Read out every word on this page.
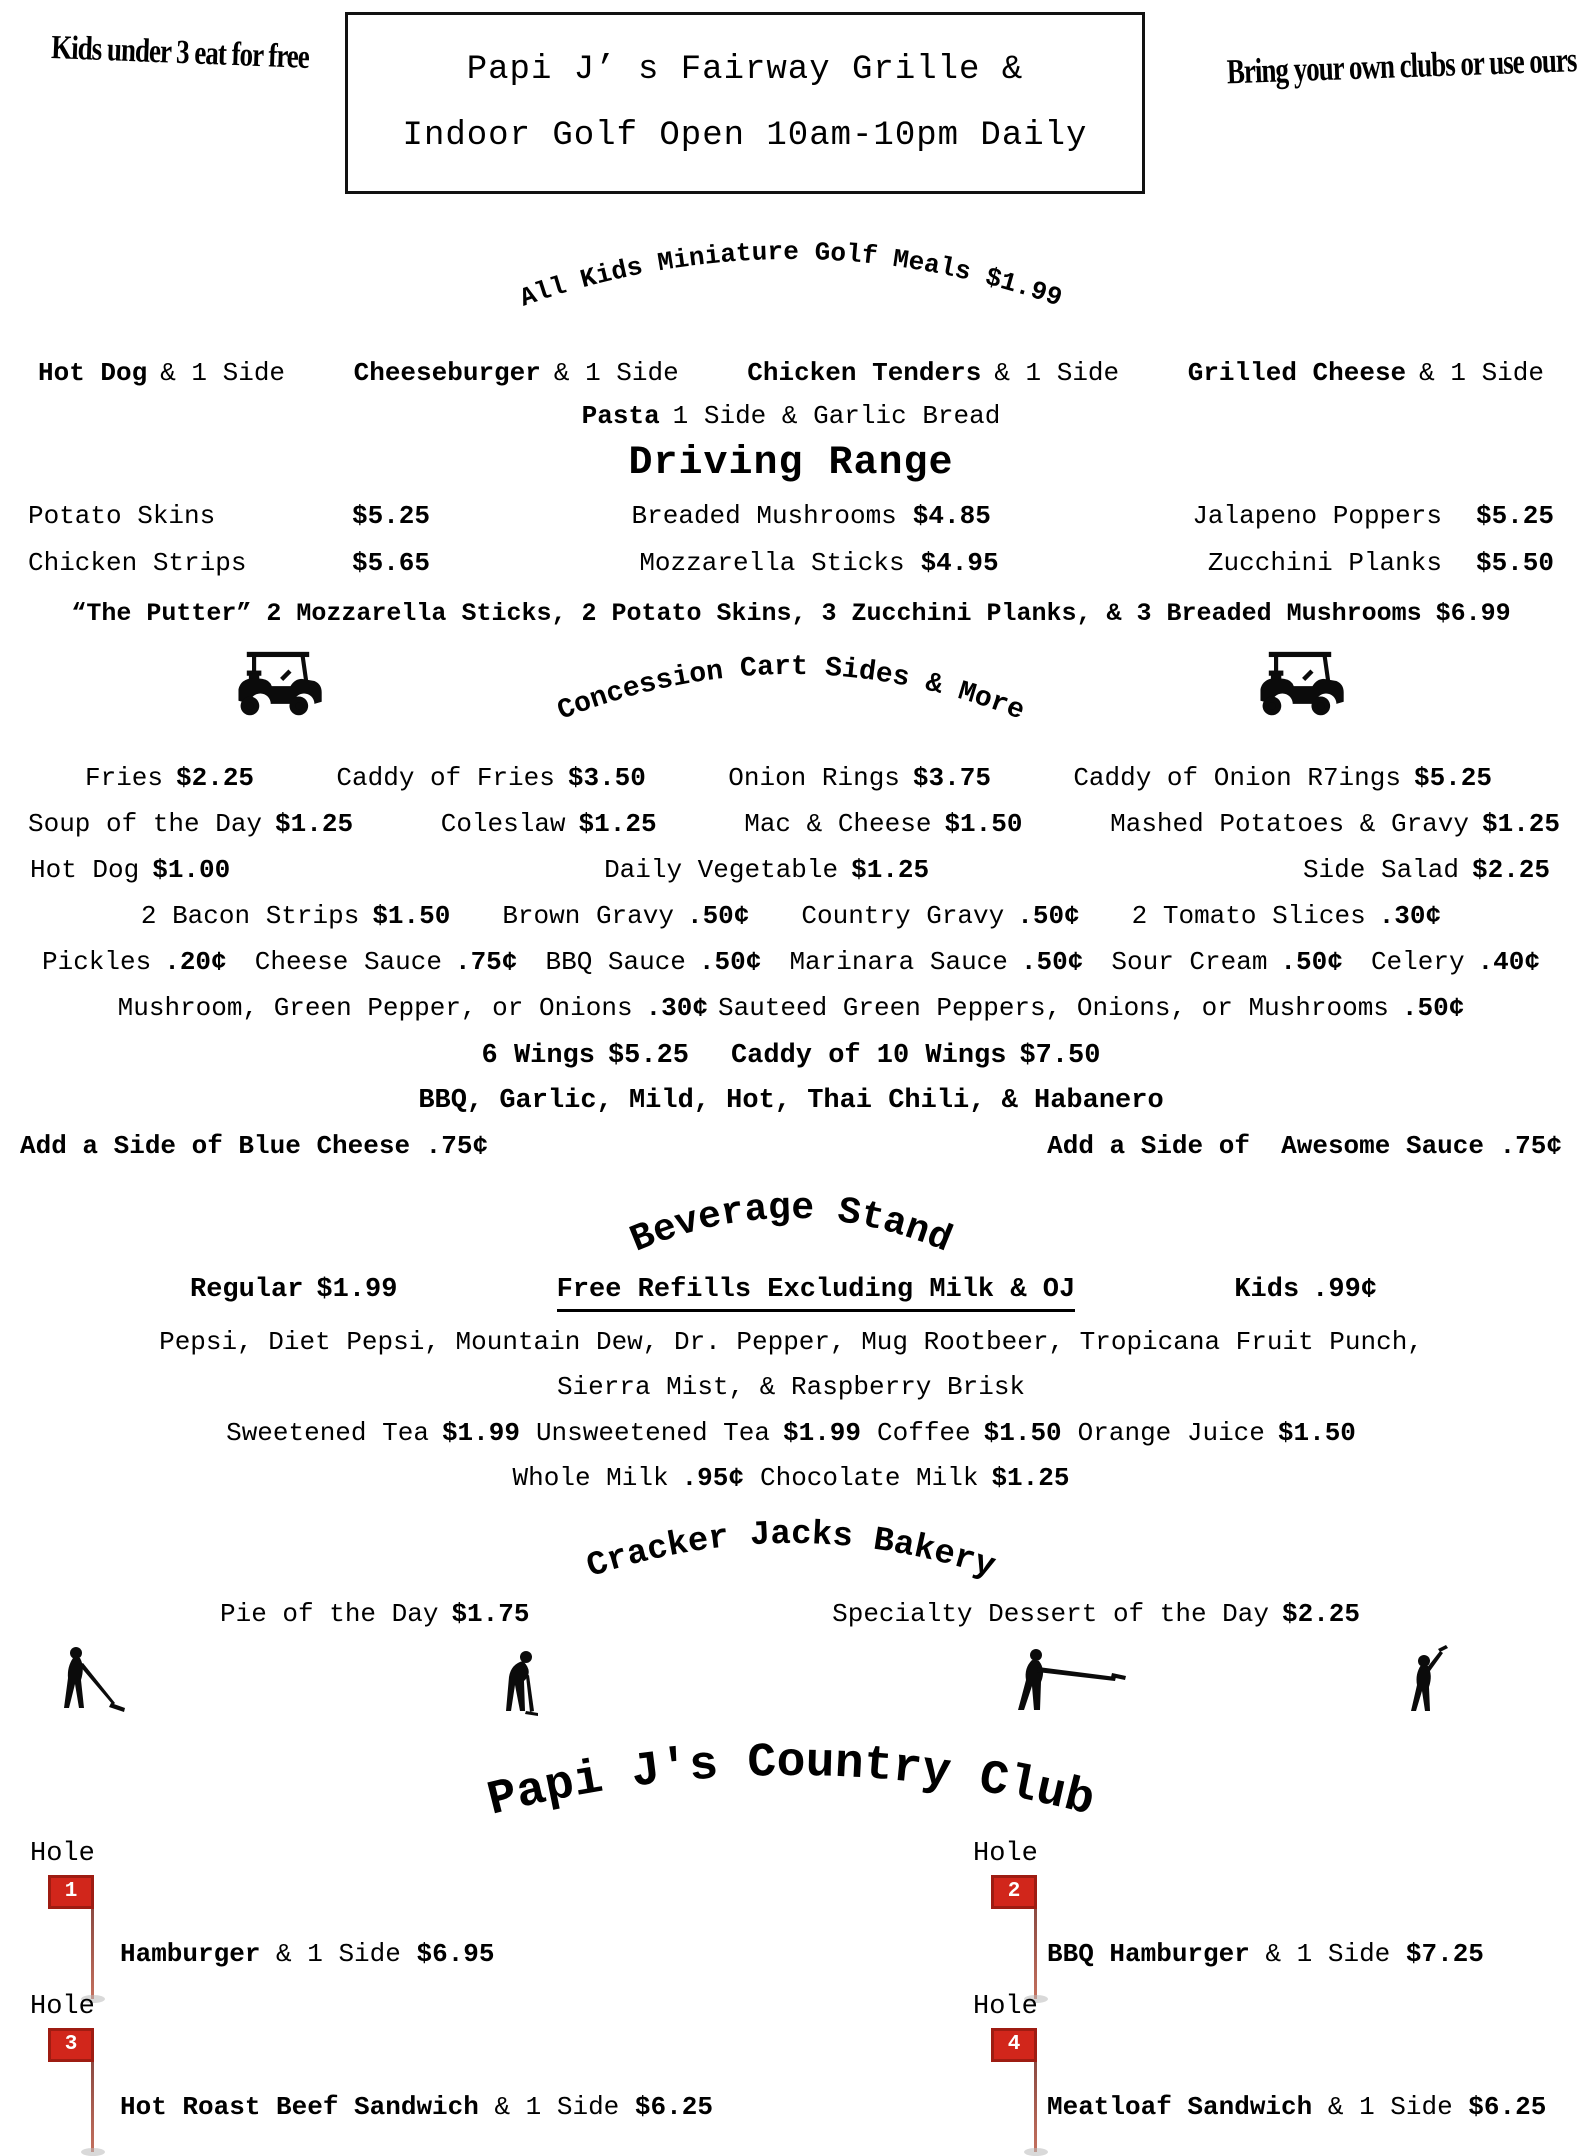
Kids under 3 eat for free	Papi J’ s Fairway Grille &
Indoor Golf Open 10am-10pm Daily
Bring your own clubs or use ours
All Kids Miniature Golf Meals $1.99
Hot Dog & 1 Side	Cheeseburger & 1 Side	Chicken Tenders & 1 Side	Grilled Cheese & 1 Side
Pasta 1 Side & Garlic Bread
Driving Range
Potato Skins	$5.25	Breaded Mushrooms $4.85	Jalapeno Poppers $5.25
Chicken Strips	$5.65	Mozzarella Sticks $4.95	Zucchini Planks $5.50
“The Putter” 2 Mozzarella Sticks, 2 Potato Skins, 3 Zucchini Planks, & 3 Breaded Mushrooms $6.99
Concession Cart Sides & More
Fries $2.25	Caddy of Fries $3.50	Onion Rings $3.75	Caddy of Onion R7ings $5.25
Soup of the Day $1.25	Coleslaw $1.25	Mac & Cheese $1.50	Mashed Potatoes & Gravy $1.25
Hot Dog $1.00	Daily Vegetable $1.25	Side Salad $2.25
2 Bacon Strips $1.50 Brown Gravy .50¢ Country Gravy .50¢ 2 Tomato Slices .30¢
Pickles .20¢ Cheese Sauce .75¢ BBQ Sauce .50¢ Marinara Sauce .50¢ Sour Cream .50¢ Celery .40¢
Mushroom, Green Pepper, or Onions .30¢ Sauteed Green Peppers, Onions, or Mushrooms .50¢
6 Wings $5.25 Caddy of 10 Wings $7.50
BBQ, Garlic, Mild, Hot, Thai Chili, & Habanero
Add a Side of Blue Cheese .75¢	Add a Side of  Awesome Sauce .75¢
Beverage Stand
Regular $1.99	Free Refills Excluding Milk & OJ	Kids .99¢
Pepsi, Diet Pepsi, Mountain Dew, Dr. Pepper, Mug Rootbeer, Tropicana Fruit Punch,
Sierra Mist, & Raspberry Brisk
Sweetened Tea $1.99 Unsweetened Tea $1.99 Coffee $1.50 Orange Juice $1.50
Whole Milk .95¢ Chocolate Milk $1.25
Cracker Jacks Bakery
Pie of the Day $1.75	Specialty Dessert of the Day $2.25
Papi J's Country Club
Hole
1
Hamburger & 1 Side $6.95
Hole
2
BBQ Hamburger & 1 Side $7.25
Hole
3
Hot Roast Beef Sandwich & 1 Side $6.25
Hole
4
Meatloaf Sandwich & 1 Side $6.25
